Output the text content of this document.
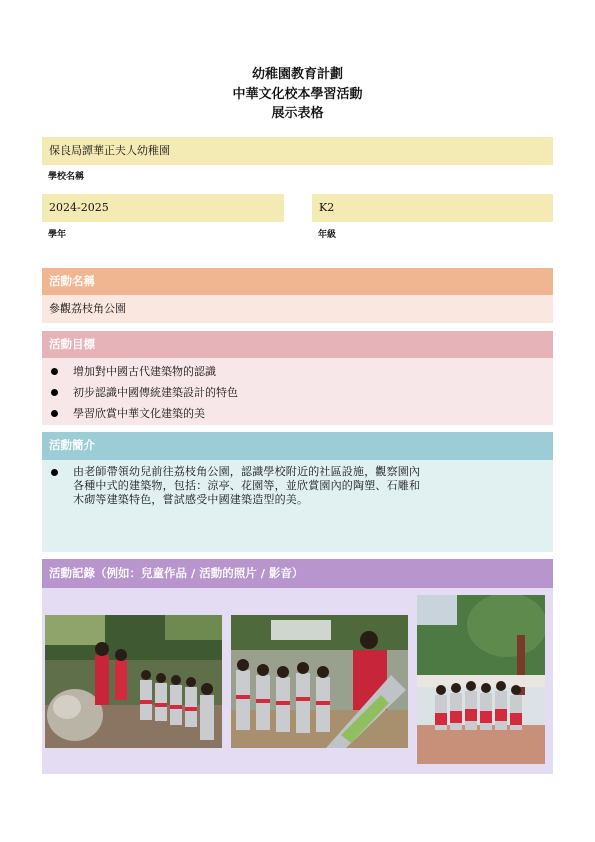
幼稚園教育計劃
中華文化校本學習活動
展示表格
保良局譚華正夫人幼稚園
學校名稱
2024-2025
學年
K2
年級
活動名稱
參觀荔枝角公園
活動目標
增加對中國古代建築物的認識
初步認識中國傳統建築設計的特色
學習欣賞中華文化建築的美
活動簡介
由老師帶領幼兒前往荔枝角公園，認識學校附近的社區設施，觀察園內
各種中式的建築物，包括：涼亭、花園等，並欣賞園內的陶塑、石雕和
木砌等建築特色，嘗試感受中國建築造型的美。
活動記錄（例如：兒童作品 / 活動的照片 / 影音）
